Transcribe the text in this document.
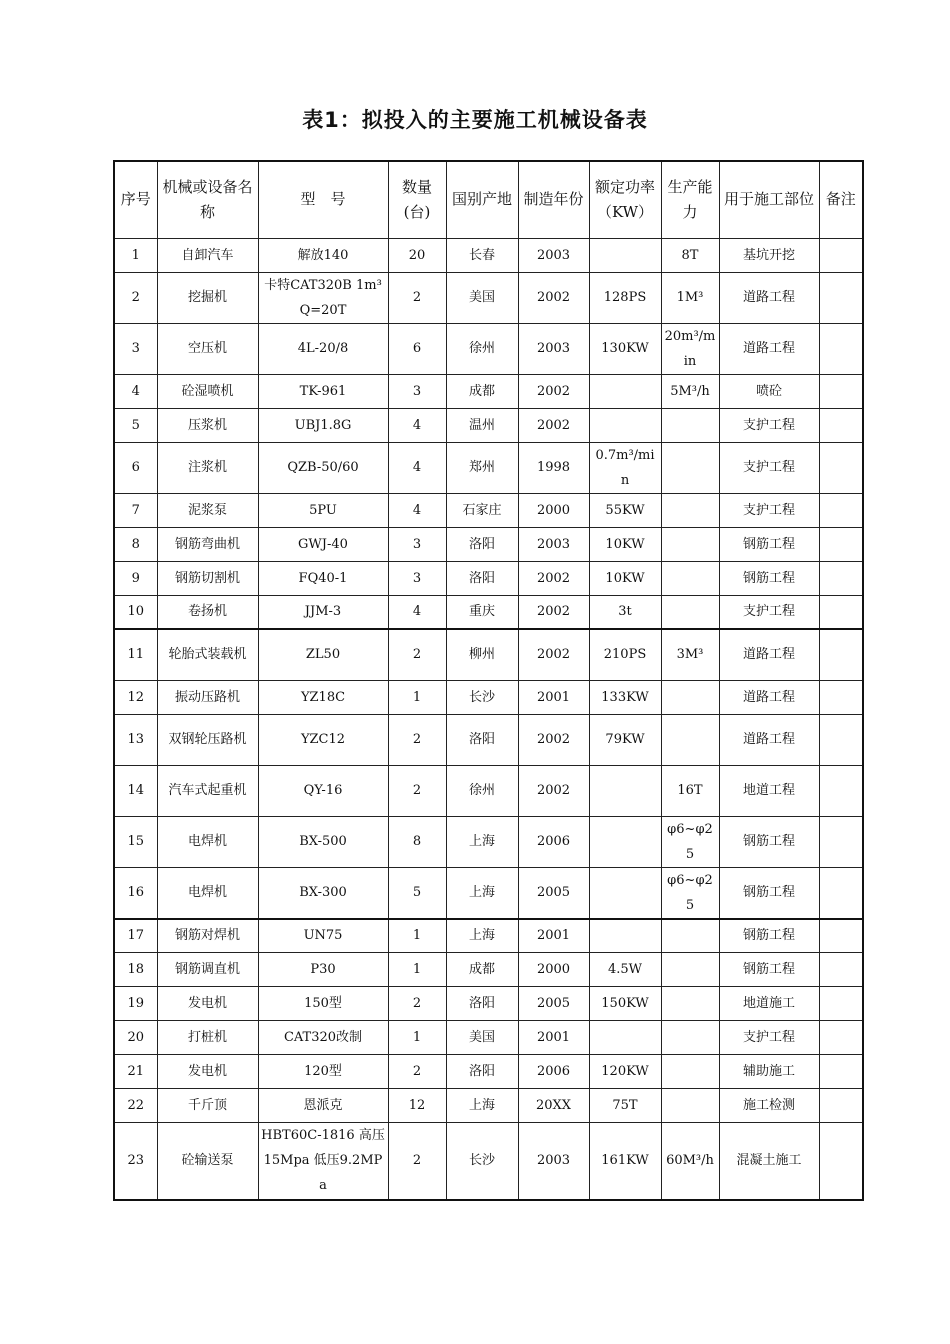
表1：拟投入的主要施工机械设备表
序号	机械或设备名称	型　号	数量(台)	国别产地	制造年份	额定功率（KW）	生产能力	用于施工部位	备注
1	自卸汽车	解放140	20	长春	2003		8T	基坑开挖	
2	挖掘机	卡特CAT320B 1m³ Q=20T	2	美国	2002	128PS	1M³	道路工程	
3	空压机	4L-20/8	6	徐州	2003	130KW	20m³/min	道路工程	
4	砼湿喷机	TK-961	3	成都	2002		5M³/h	喷砼	
5	压浆机	UBJ1.8G	4	温州	2002			支护工程	
6	注浆机	QZB-50/60	4	郑州	1998	0.7m³/min		支护工程	
7	泥浆泵	5PU	4	石家庄	2000	55KW		支护工程	
8	钢筋弯曲机	GWJ-40	3	洛阳	2003	10KW		钢筋工程	
9	钢筋切割机	FQ40-1	3	洛阳	2002	10KW		钢筋工程	
10	卷扬机	JJM-3	4	重庆	2002	3t		支护工程	
11	轮胎式装载机	ZL50	2	柳州	2002	210PS	3M³	道路工程	
12	振动压路机	YZ18C	1	长沙	2001	133KW		道路工程	
13	双钢轮压路机	YZC12	2	洛阳	2002	79KW		道路工程	
14	汽车式起重机	QY-16	2	徐州	2002		16T	地道工程	
15	电焊机	BX-500	8	上海	2006		φ6~φ25	钢筋工程	
16	电焊机	BX-300	5	上海	2005		φ6~φ25	钢筋工程	
17	钢筋对焊机	UN75	1	上海	2001			钢筋工程	
18	钢筋调直机	P30	1	成都	2000	4.5W		钢筋工程	
19	发电机	150型	2	洛阳	2005	150KW		地道施工	
20	打桩机	CAT320改制	1	美国	2001			支护工程	
21	发电机	120型	2	洛阳	2006	120KW		辅助施工	
22	千斤顶	恩派克	12	上海	20XX	75T		施工检测	
23	砼输送泵	HBT60C-1816 高压15Mpa 低压9.2MPa	2	长沙	2003	161KW	60M³/h	混凝土施工	
